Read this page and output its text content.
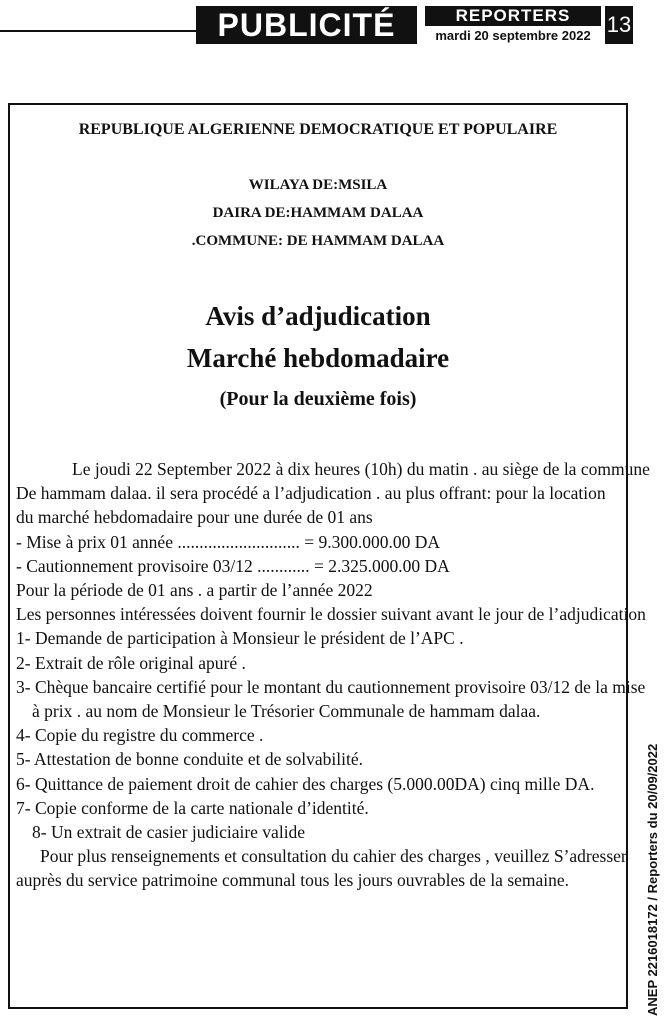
PUBLICITÉ	REPORTERS
mardi 20 septembre 2022 13
REPUBLIQUE ALGERIENNE DEMOCRATIQUE ET POPULAIRE
WILAYA DE:MSILA
DAIRA DE:HAMMAM DALAA
.COMMUNE: DE HAMMAM DALAA
Avis d’adjudication
Marché hebdomadaire
(Pour la deuxième fois)

Le joudi 22 September 2022 à dix heures (10h) du matin . au siège de la commune

De hammam dalaa. il sera procédé a l’adjudication . au plus offrant: pour la location

du marché hebdomadaire pour une durée de 01 ans

- Mise à prix 01 année ............................ = 9.300.000.00 DA

- Cautionnement provisoire 03/12 ............ = 2.325.000.00 DA

Pour la période de 01 ans . a partir de l’année 2022

Les personnes intéressées doivent fournir le dossier suivant avant le jour de l’adjudication

1- Demande de participation à Monsieur le président de l’APC .

2- Extrait de rôle original apuré .

3- Chèque bancaire certifié pour le montant du cautionnement provisoire 03/12 de la mise

à prix . au nom de Monsieur le Trésorier Communale de hammam dalaa.

4- Copie du registre du commerce .

5- Attestation de bonne conduite et de solvabilité.

6- Quittance de paiement droit de cahier des charges (5.000.00DA) cinq mille DA.

7- Copie conforme de la carte nationale d’identité.

8- Un extrait de casier judiciaire valide

Pour plus renseignements et consultation du cahier des charges , veuillez S’adresser

auprès du service patrimoine communal tous les jours ouvrables de la semaine.	ANEP 2216018172 / Reporters du 20/09/2022
